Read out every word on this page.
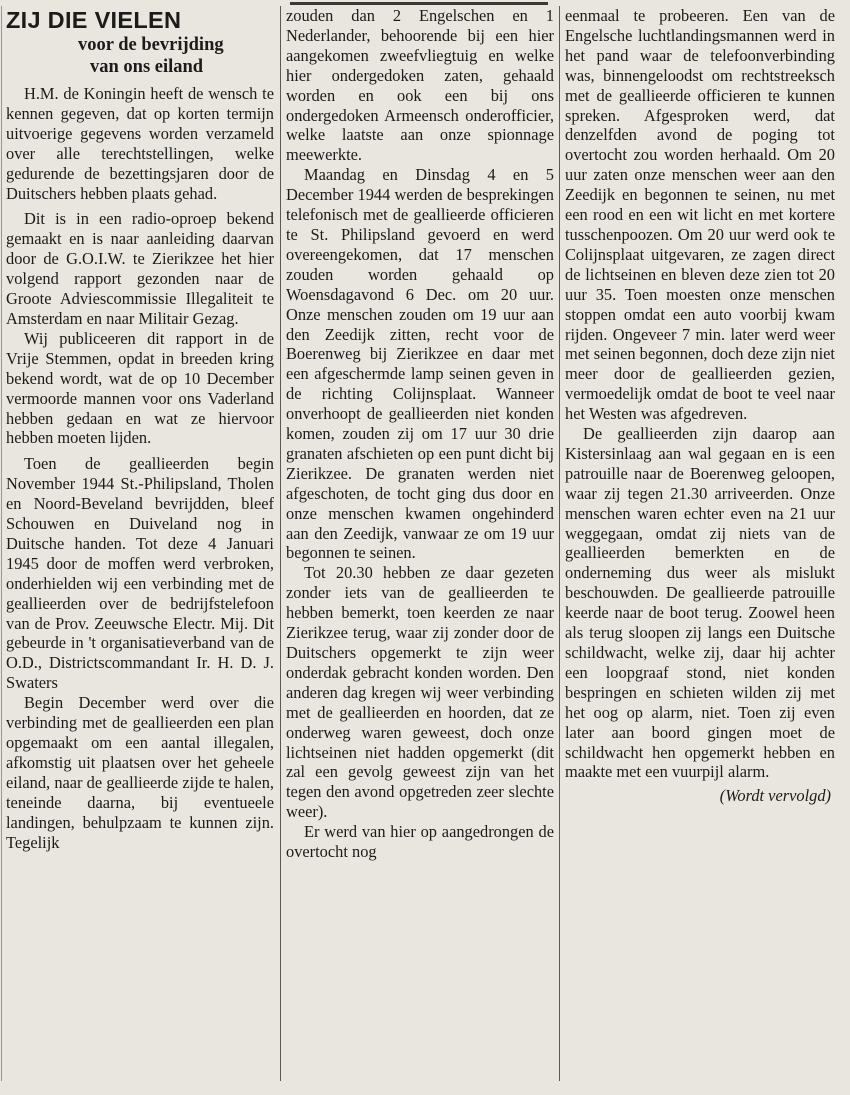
ZIJ DIE VIELEN
voor de bevrijding
van ons eiland

H.M. de Koningin heeft de wensch te kennen gegeven, dat op korten termijn uitvoerige gegevens worden verzameld over alle terechtstellingen, welke gedurende de bezettingsjaren door de Duitschers hebben plaats gehad.

Dit is in een radio-oproep bekend gemaakt en is naar aanleiding daarvan door de G.O.I.W. te Zierikzee het hier volgend rapport gezonden naar de Groote Adviescommissie Illegaliteit te Amsterdam en naar Militair Gezag.

Wij publiceeren dit rapport in de Vrije Stemmen, opdat in breeden kring bekend wordt, wat de op 10 December vermoorde mannen voor ons Vaderland hebben gedaan en wat ze hiervoor hebben moeten lijden.

Toen de geallieerden begin November 1944 St.-Philipsland, Tholen en Noord-Beveland bevrijdden, bleef Schouwen en Duiveland nog in Duitsche handen. Tot deze 4 Januari 1945 door de moffen werd verbroken, onderhielden wij een verbinding met de geallieerden over de bedrijfstelefoon van de Prov. Zeeuwsche Electr. Mij. Dit gebeurde in 't organisatieverband van de O.D., Districtscommandant Ir. H. D. J. Swaters

Begin December werd over die verbinding met de geallieerden een plan opgemaakt om een aantal illegalen, afkomstig uit plaatsen over het geheele eiland, naar de geallieerde zijde te halen, teneinde daarna, bij eventueele landingen, behulpzaam te kunnen zijn. Tegelijk

zouden dan 2 Engelschen en 1 Nederlander, behoorende bij een hier aangekomen zweefvliegtuig en welke hier ondergedoken zaten, gehaald worden en ook een bij ons ondergedoken Armeensch onderofficier, welke laatste aan onze spionnage meewerkte.

Maandag en Dinsdag 4 en 5 December 1944 werden de besprekingen telefonisch met de geallieerde officieren te St. Philipsland gevoerd en werd overeengekomen, dat 17 menschen zouden worden gehaald op Woensdagavond 6 Dec. om 20 uur. Onze menschen zouden om 19 uur aan den Zeedijk zitten, recht voor de Boerenweg bij Zierikzee en daar met een afgeschermde lamp seinen geven in de richting Colijnsplaat. Wanneer onverhoopt de geallieerden niet konden komen, zouden zij om 17 uur 30 drie granaten afschieten op een punt dicht bij Zierikzee. De granaten werden niet afgeschoten, de tocht ging dus door en onze menschen kwamen ongehinderd aan den Zeedijk, vanwaar ze om 19 uur begonnen te seinen.

Tot 20.30 hebben ze daar gezeten zonder iets van de geallieerden te hebben bemerkt, toen keerden ze naar Zierikzee terug, waar zij zonder door de Duitschers opgemerkt te zijn weer onderdak gebracht konden worden. Den anderen dag kregen wij weer verbinding met de geallieerden en hoorden, dat ze onderweg waren geweest, doch onze lichtseinen niet hadden opgemerkt (dit zal een gevolg geweest zijn van het tegen den avond opgetreden zeer slechte weer).

Er werd van hier op aangedrongen de overtocht nog

eenmaal te probeeren. Een van de Engelsche luchtlandingsmannen werd in het pand waar de telefoonverbinding was, binnengeloodst om rechtstreeksch met de geallieerde officieren te kunnen spreken. Afgesproken werd, dat denzelfden avond de poging tot overtocht zou worden herhaald. Om 20 uur zaten onze menschen weer aan den Zeedijk en begonnen te seinen, nu met een rood en een wit licht en met kortere tusschenpoozen. Om 20 uur werd ook te Colijnsplaat uitgevaren, ze zagen direct de lichtseinen en bleven deze zien tot 20 uur 35. Toen moesten onze menschen stoppen omdat een auto voorbij kwam rijden. Ongeveer 7 min. later werd weer met seinen begonnen, doch deze zijn niet meer door de geallieerden gezien, vermoedelijk omdat de boot te veel naar het Westen was afgedreven.

De geallieerden zijn daarop aan Kistersinlaag aan wal gegaan en is een patrouille naar de Boerenweg geloopen, waar zij tegen 21.30 arriveerden. Onze menschen waren echter even na 21 uur weggegaan, omdat zij niets van de geallieerden bemerkten en de onderneming dus weer als mislukt beschouwden. De geallieerde patrouille keerde naar de boot terug. Zoowel heen als terug sloopen zij langs een Duitsche schildwacht, welke zij, daar hij achter een loopgraaf stond, niet konden bespringen en schieten wilden zij met het oog op alarm, niet. Toen zij even later aan boord gingen moet de schildwacht hen opgemerkt hebben en maakte met een vuurpijl alarm.

(Wordt vervolgd)
